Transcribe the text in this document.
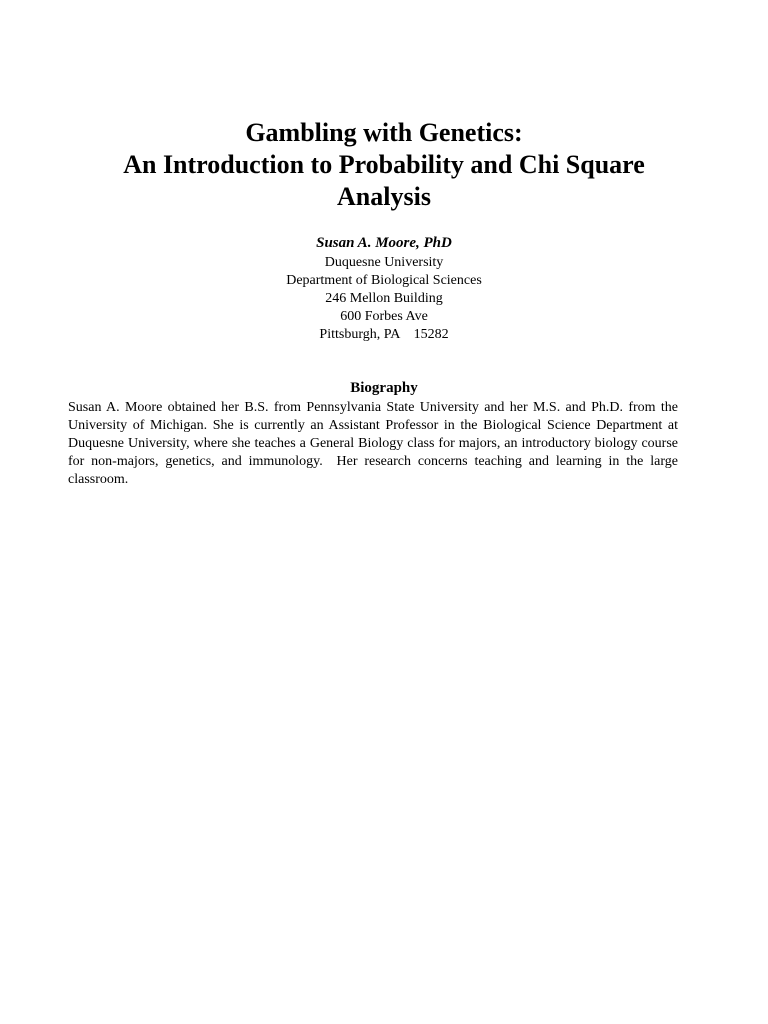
Gambling with Genetics:

An Introduction to Probability and Chi Square

Analysis

Susan A. Moore, PhD

Duquesne University

Department of Biological Sciences

246 Mellon Building

600 Forbes Ave

Pittsburgh, PA    15282

Biography

Susan A. Moore obtained her B.S. from Pennsylvania State University and her M.S. and Ph.D. from the University of Michigan. She is currently an Assistant Professor in the Biological Science Department at Duquesne University, where she teaches a General Biology class for majors, an introductory biology course for non-majors, genetics, and immunology.  Her research concerns teaching and learning in the large classroom.
